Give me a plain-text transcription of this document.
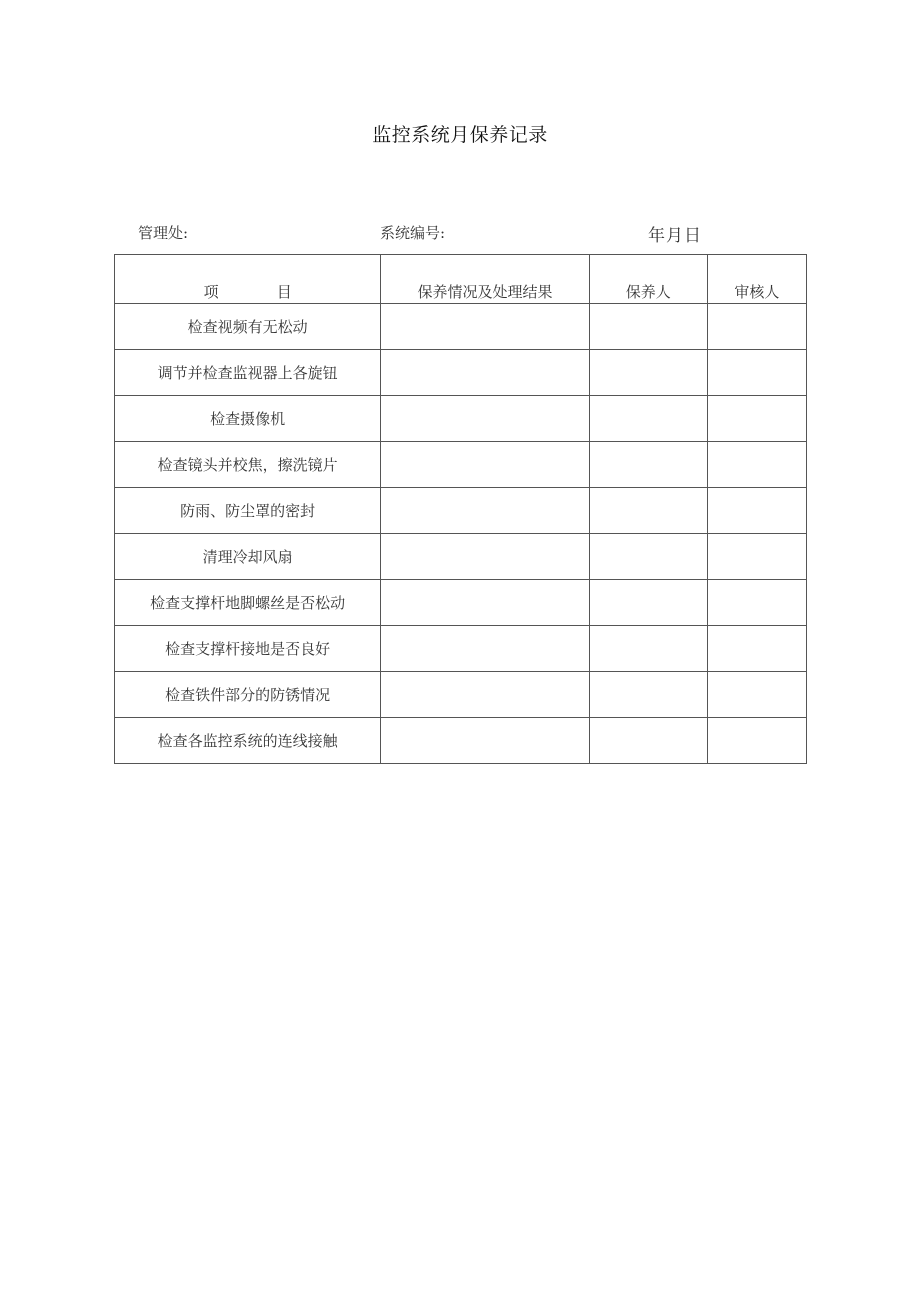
监控系统月保养记录
管理处:	系统编号:	年月日
项 目	保养情况及处理结果	保养人	审核人
检查视频有无松动			
调节并检查监视器上各旋钮			
检查摄像机			
检查镜头并校焦，擦洗镜片			
防雨、防尘罩的密封			
清理冷却风扇			
检查支撑杆地脚螺丝是否松动			
检查支撑杆接地是否良好			
检查铁件部分的防锈情况			
检查各监控系统的连线接触			
